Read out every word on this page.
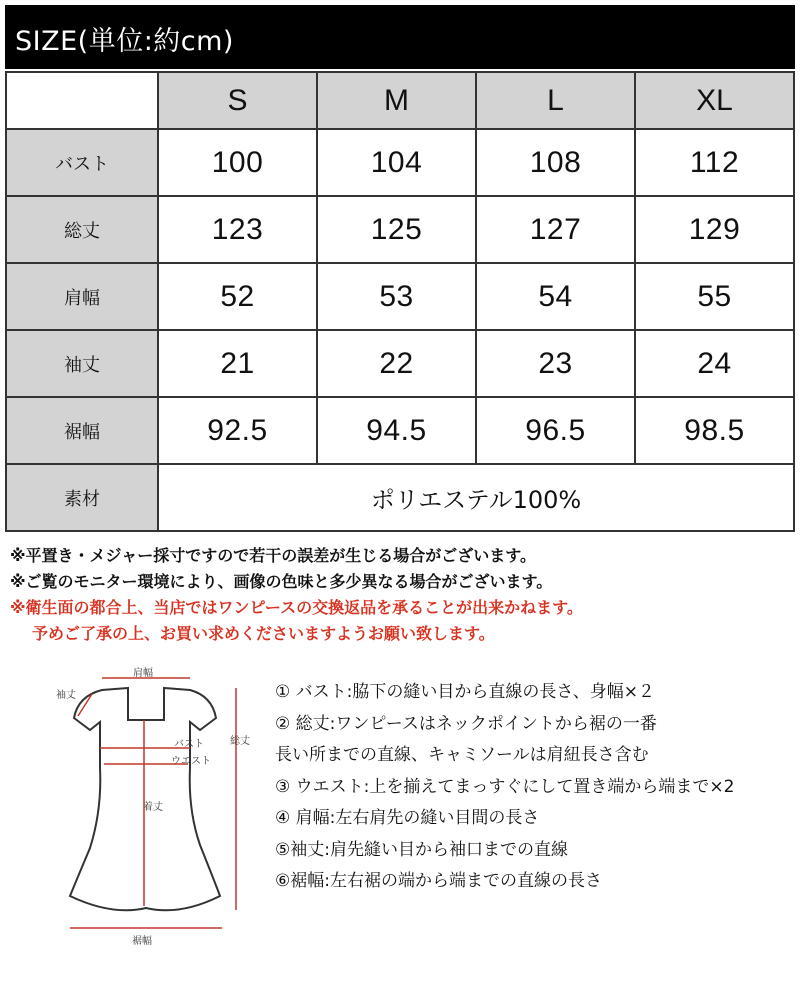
SIZE(単位:約cm)
	S	M	L	XL
バスト	100	104	108	112
総丈	123	125	127	129
肩幅	52	53	54	55
袖丈	21	22	23	24
裾幅	92.5	94.5	96.5	98.5
素材	ポリエステル100%			
※平置き・メジャー採寸ですので若干の誤差が生じる場合がございます。
※ご覧のモニター環境により、画像の色味と多少異なる場合がございます。
※衛生面の都合上、当店ではワンピースの交換返品を承ることが出来かねます。
予めご了承の上、お買い求めくださいますようお願い致します。
肩幅
袖丈
総丈
バスト
ウエスト
着丈
裾幅
① バスト:脇下の縫い目から直線の長さ、身幅×２
② 総丈:ワンピースはネックポイントから裾の一番
長い所までの直線、キャミソールは肩紐長さ含む
③ ウエスト:上を揃えてまっすぐにして置き端から端まで×2
④ 肩幅:左右肩先の縫い目間の長さ
⑤袖丈:肩先縫い目から袖口までの直線
⑥裾幅:左右裾の端から端までの直線の長さ
